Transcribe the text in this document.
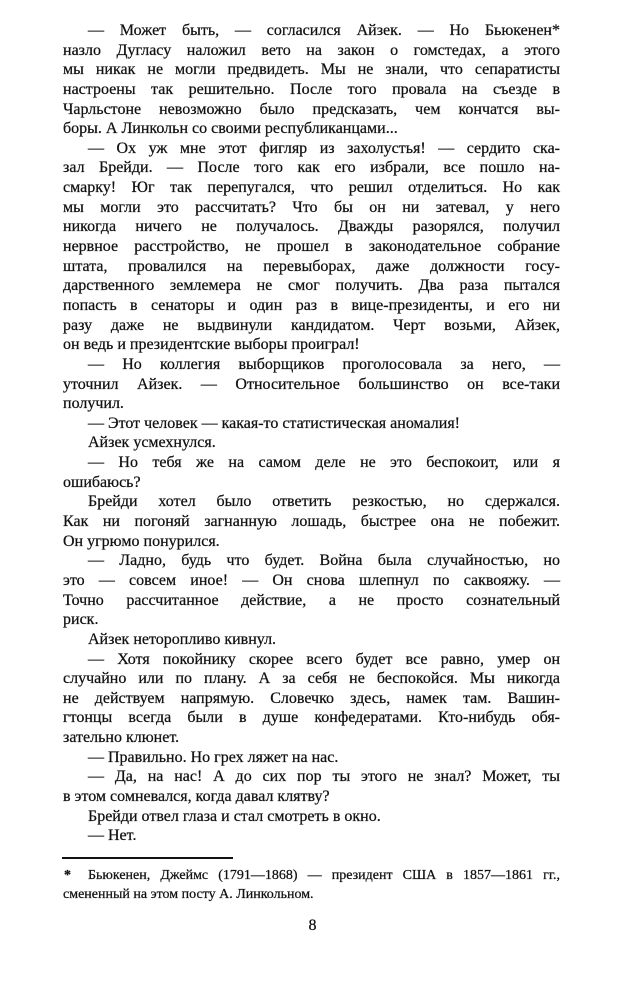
— Может быть, — согласился Айзек. — Но Бьюкенен*
назло Дугласу наложил вето на закон о гомстедах, а этого
мы никак не могли предвидеть. Мы не знали, что сепаратисты
настроены так решительно. После того провала на съезде в
Чарльстоне невозможно было предсказать, чем кончатся вы-
боры. А Линкольн со своими республиканцами...
— Ох уж мне этот фигляр из захолустья! — сердито ска-
зал Брейди. — После того как его избрали, все пошло на-
смарку! Юг так перепугался, что решил отделиться. Но как
мы могли это рассчитать? Что бы он ни затевал, у него
никогда ничего не получалось. Дважды разорялся, получил
нервное расстройство, не прошел в законодательное собрание
штата, провалился на перевыборах, даже должности госу-
дарственного землемера не смог получить. Два раза пытался
попасть в сенаторы и один раз в вице-президенты, и его ни
разу даже не выдвинули кандидатом. Черт возьми, Айзек,
он ведь и президентские выборы проиграл!
— Но коллегия выборщиков проголосовала за него, —
уточнил Айзек. — Относительное большинство он все-таки
получил.
— Этот человек — какая-то статистическая аномалия!
Айзек усмехнулся.
— Но тебя же на самом деле не это беспокоит, или я
ошибаюсь?
Брейди хотел было ответить резкостью, но сдержался.
Как ни погоняй загнанную лошадь, быстрее она не побежит.
Он угрюмо понурился.
— Ладно, будь что будет. Война была случайностью, но
это — совсем иное! — Он снова шлепнул по саквояжу. —
Точно рассчитанное действие, а не просто сознательный
риск.
Айзек неторопливо кивнул.
— Хотя покойнику скорее всего будет все равно, умер он
случайно или по плану. А за себя не беспокойся. Мы никогда
не действуем напрямую. Словечко здесь, намек там. Вашин-
гтонцы всегда были в душе конфедератами. Кто-нибудь обя-
зательно клюнет.
— Правильно. Но грех ляжет на нас.
— Да, на нас! А до сих пор ты этого не знал? Может, ты
в этом сомневался, когда давал клятву?
Брейди отвел глаза и стал смотреть в окно.
— Нет.
* Бьюкенен, Джеймс (1791—1868) — президент США в 1857—1861 гг.,
смененный на этом посту А. Линкольном.
8
